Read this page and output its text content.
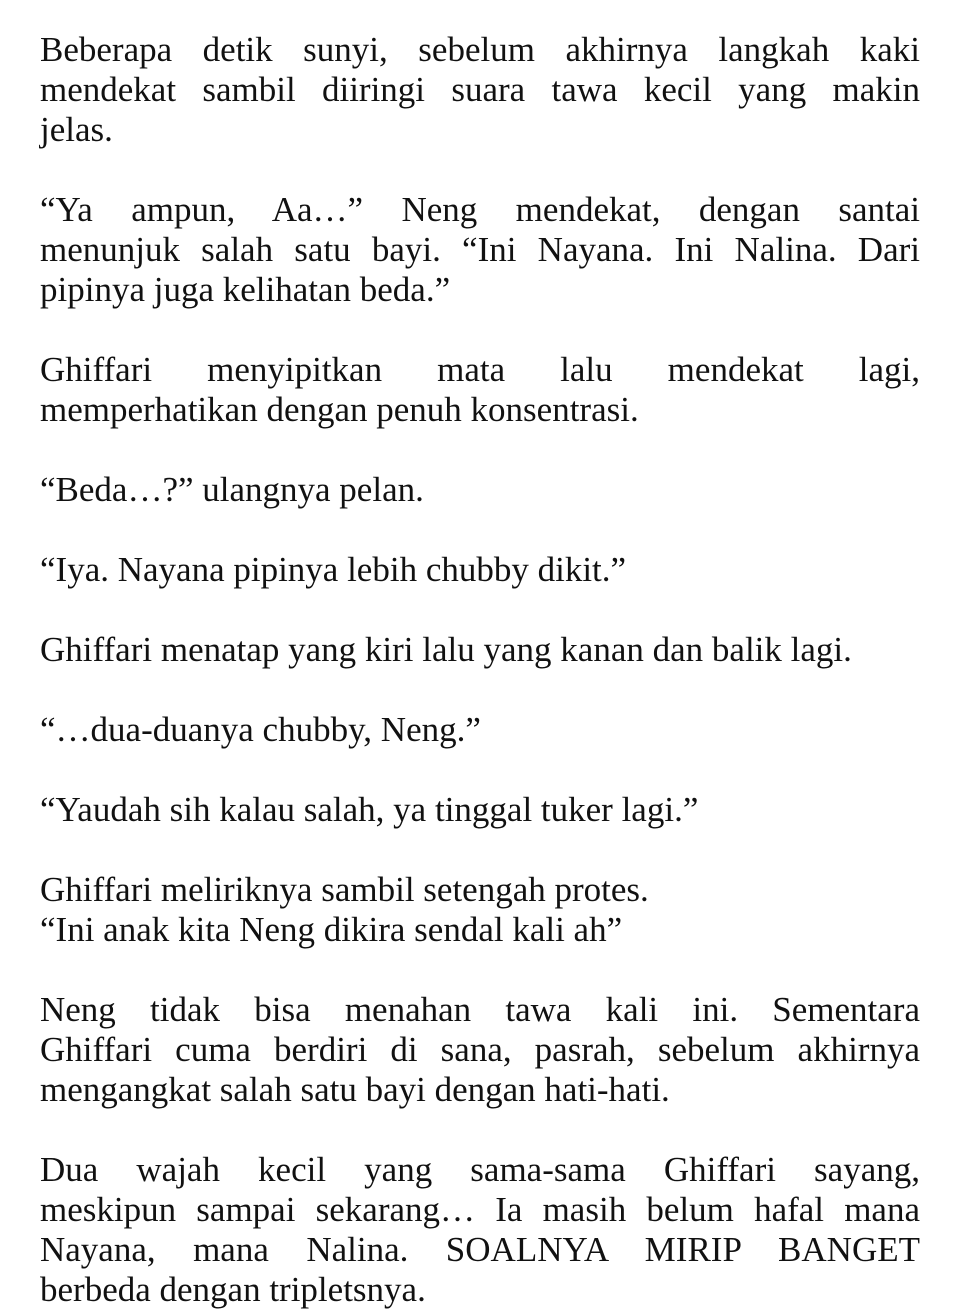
Beberapa detik sunyi, sebelum akhirnya langkah kaki
mendekat sambil diiringi suara tawa kecil yang makin
jelas.

“Ya ampun, Aa…” Neng mendekat, dengan santai
menunjuk salah satu bayi. “Ini Nayana. Ini Nalina. Dari
pipinya juga kelihatan beda.”

Ghiffari menyipitkan mata lalu mendekat lagi,
memperhatikan dengan penuh konsentrasi.

“Beda…?” ulangnya pelan.

“Iya. Nayana pipinya lebih chubby dikit.”

Ghiffari menatap yang kiri lalu yang kanan dan balik lagi.

“…dua-duanya chubby, Neng.”

“Yaudah sih kalau salah, ya tinggal tuker lagi.”

Ghiffari meliriknya sambil setengah protes.
“Ini anak kita Neng dikira sendal kali ah”

Neng tidak bisa menahan tawa kali ini. Sementara
Ghiffari cuma berdiri di sana, pasrah, sebelum akhirnya
mengangkat salah satu bayi dengan hati-hati.

Dua wajah kecil yang sama-sama Ghiffari sayang,
meskipun sampai sekarang… Ia masih belum hafal mana
Nayana, mana Nalina. SOALNYA MIRIP BANGET
berbeda dengan tripletsnya.
